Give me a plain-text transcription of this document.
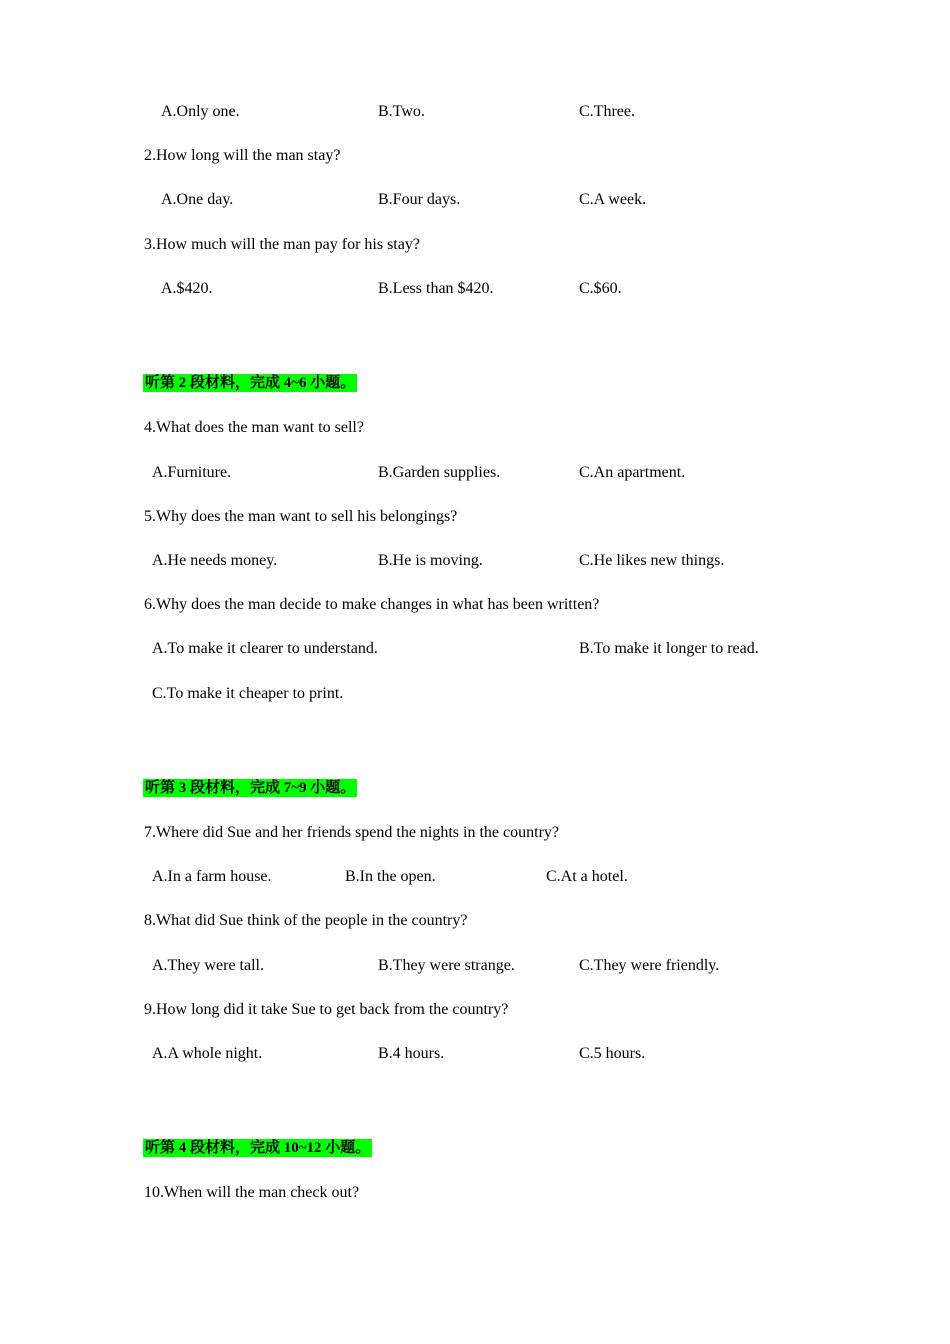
A.Only one.	B.Two.	C.Three.
2.How long will the man stay?
A.One day.	B.Four days.	C.A week.
3.How much will the man pay for his stay?
A.$420.	B.Less than $420.	C.$60.
听第 2 段材料，完成 4~6 小题。
4.What does the man want to sell?
A.Furniture.	B.Garden supplies.	C.An apartment.
5.Why does the man want to sell his belongings?
A.He needs money.	B.He is moving.	C.He likes new things.
6.Why does the man decide to make changes in what has been written?
A.To make it clearer to understand.	B.To make it longer to read.
C.To make it cheaper to print.
听第 3 段材料，完成 7~9 小题。
7.Where did Sue and her friends spend the nights in the country?
A.In a farm house.	B.In the open.	C.At a hotel.
8.What did Sue think of the people in the country?
A.They were tall.	B.They were strange.	C.They were friendly.
9.How long did it take Sue to get back from the country?
A.A whole night.	B.4 hours.	C.5 hours.
听第 4 段材料，完成 10~12 小题。
10.When will the man check out?
